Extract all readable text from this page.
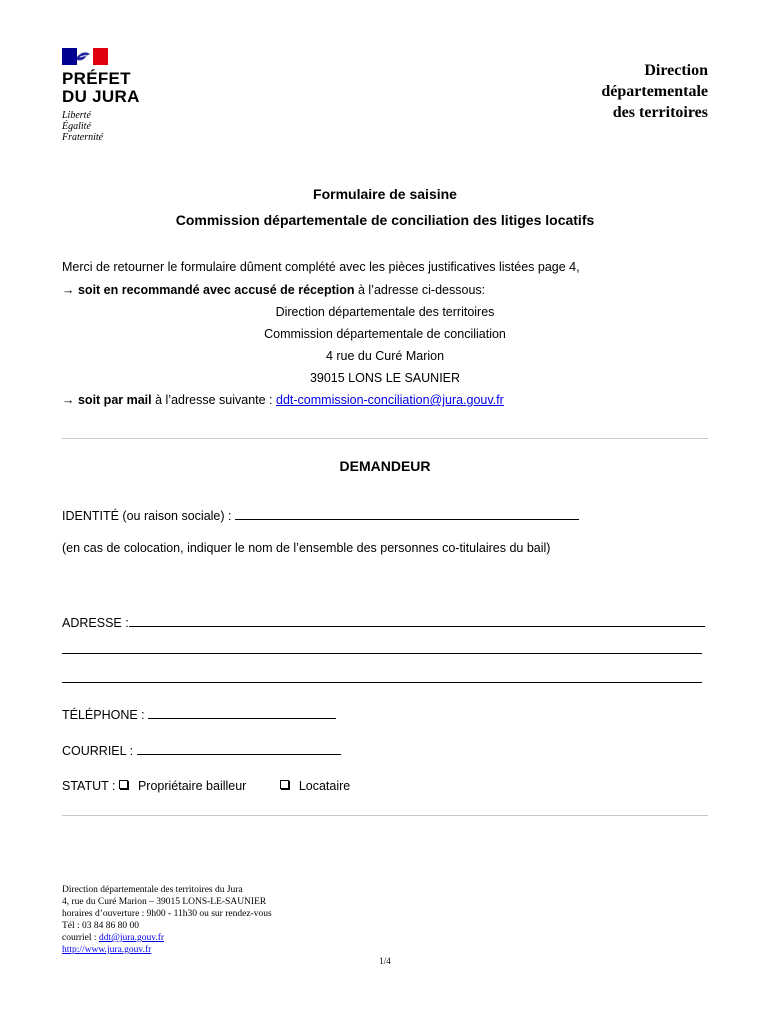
PRÉFET
DU JURA
Liberté
Égalité
Fraternité
Direction
départementale
des territoires
Formulaire de saisine
Commission départementale de conciliation des litiges locatifs
Merci de retourner le formulaire dûment complété avec les pièces justificatives listées page 4,
→ soit en recommandé avec accusé de réception à l’adresse ci-dessous:
Direction départementale des territoires
Commission départementale de conciliation
4 rue du Curé Marion
39015 LONS LE SAUNIER
→ soit par mail à l’adresse suivante : ddt-commission-conciliation@jura.gouv.fr
DEMANDEUR
IDENTITÉ (ou raison sociale) :
(en cas de colocation, indiquer le nom de l’ensemble des personnes co-titulaires du bail)
ADRESSE :
TÉLÉPHONE :
COURRIEL :
STATUT : Propriétaire bailleur	Locataire
Direction départementale des territoires du Jura
4, rue du Curé Marion – 39015 LONS-LE-SAUNIER
horaires d’ouverture : 9h00 - 11h30 ou sur rendez-vous
Tél : 03 84 86 80 00
courriel : ddt@jura.gouv.fr
http://www.jura.gouv.fr
1/4
